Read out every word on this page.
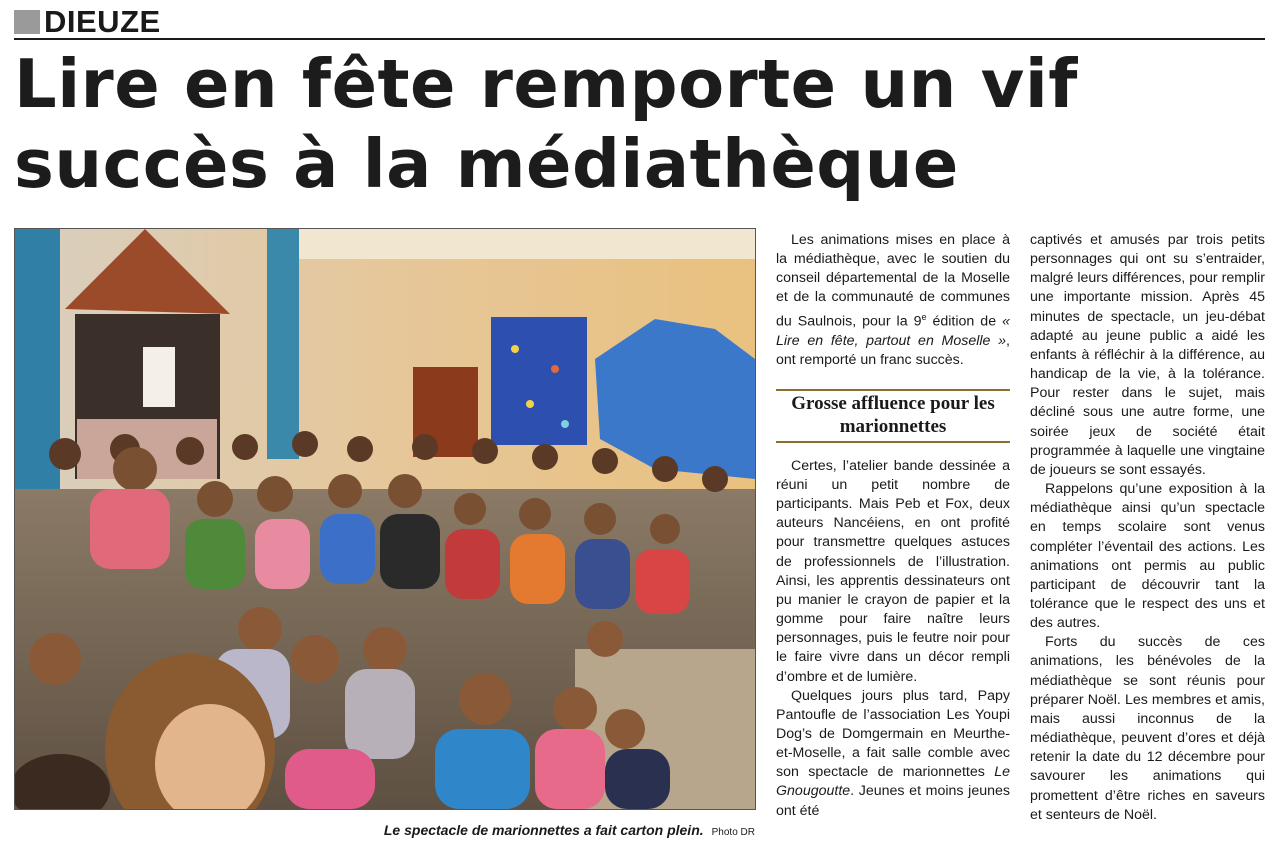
DIEUZE
Lire en fête remporte un vif
succès à la médiathèque
Le spectacle de marionnettes a fait carton plein. Photo DR

Les animations mises en place à la médiathèque, avec le soutien du conseil départemental de la Moselle et de la communauté de communes du Saulnois, pour la 9e édition de « Lire en fête, partout en Moselle », ont remporté un franc succès.

Grosse affluence pour les marionnettes

Certes, l’atelier bande dessinée a réuni un petit nombre de participants. Mais Peb et Fox, deux auteurs Nancéiens, en ont profité pour transmettre quelques astuces de professionnels de l’illustration. Ainsi, les apprentis dessinateurs ont pu manier le crayon de papier et la gomme pour faire naître leurs personnages, puis le feutre noir pour le faire vivre dans un décor rempli d’ombre et de lumière.

Quelques jours plus tard, Papy Pantoufle de l’association Les Youpi Dog’s de Domgermain en Meurthe-et-Moselle, a fait salle comble avec son spectacle de marionnettes Le Gnougoutte. Jeunes et moins jeunes ont été

captivés et amusés par trois petits personnages qui ont su s’entraider, malgré leurs différences, pour remplir une importante mission. Après 45 minutes de spectacle, un jeu-débat adapté au jeune public a aidé les enfants à réfléchir à la différence, au handicap de la vie, à la tolérance. Pour rester dans le sujet, mais décliné sous une autre forme, une soirée jeux de société était programmée à laquelle une vingtaine de joueurs se sont essayés.

Rappelons qu’une exposition à la médiathèque ainsi qu’un spectacle en temps scolaire sont venus compléter l’éventail des actions. Les animations ont permis au public participant de découvrir tant la tolérance que le respect des uns et des autres.

Forts du succès de ces animations, les bénévoles de la médiathèque se sont réunis pour préparer Noël. Les membres et amis, mais aussi inconnus de la médiathèque, peuvent d’ores et déjà retenir la date du 12 décembre pour savourer les animations qui promettent d’être riches en saveurs et senteurs de Noël.
